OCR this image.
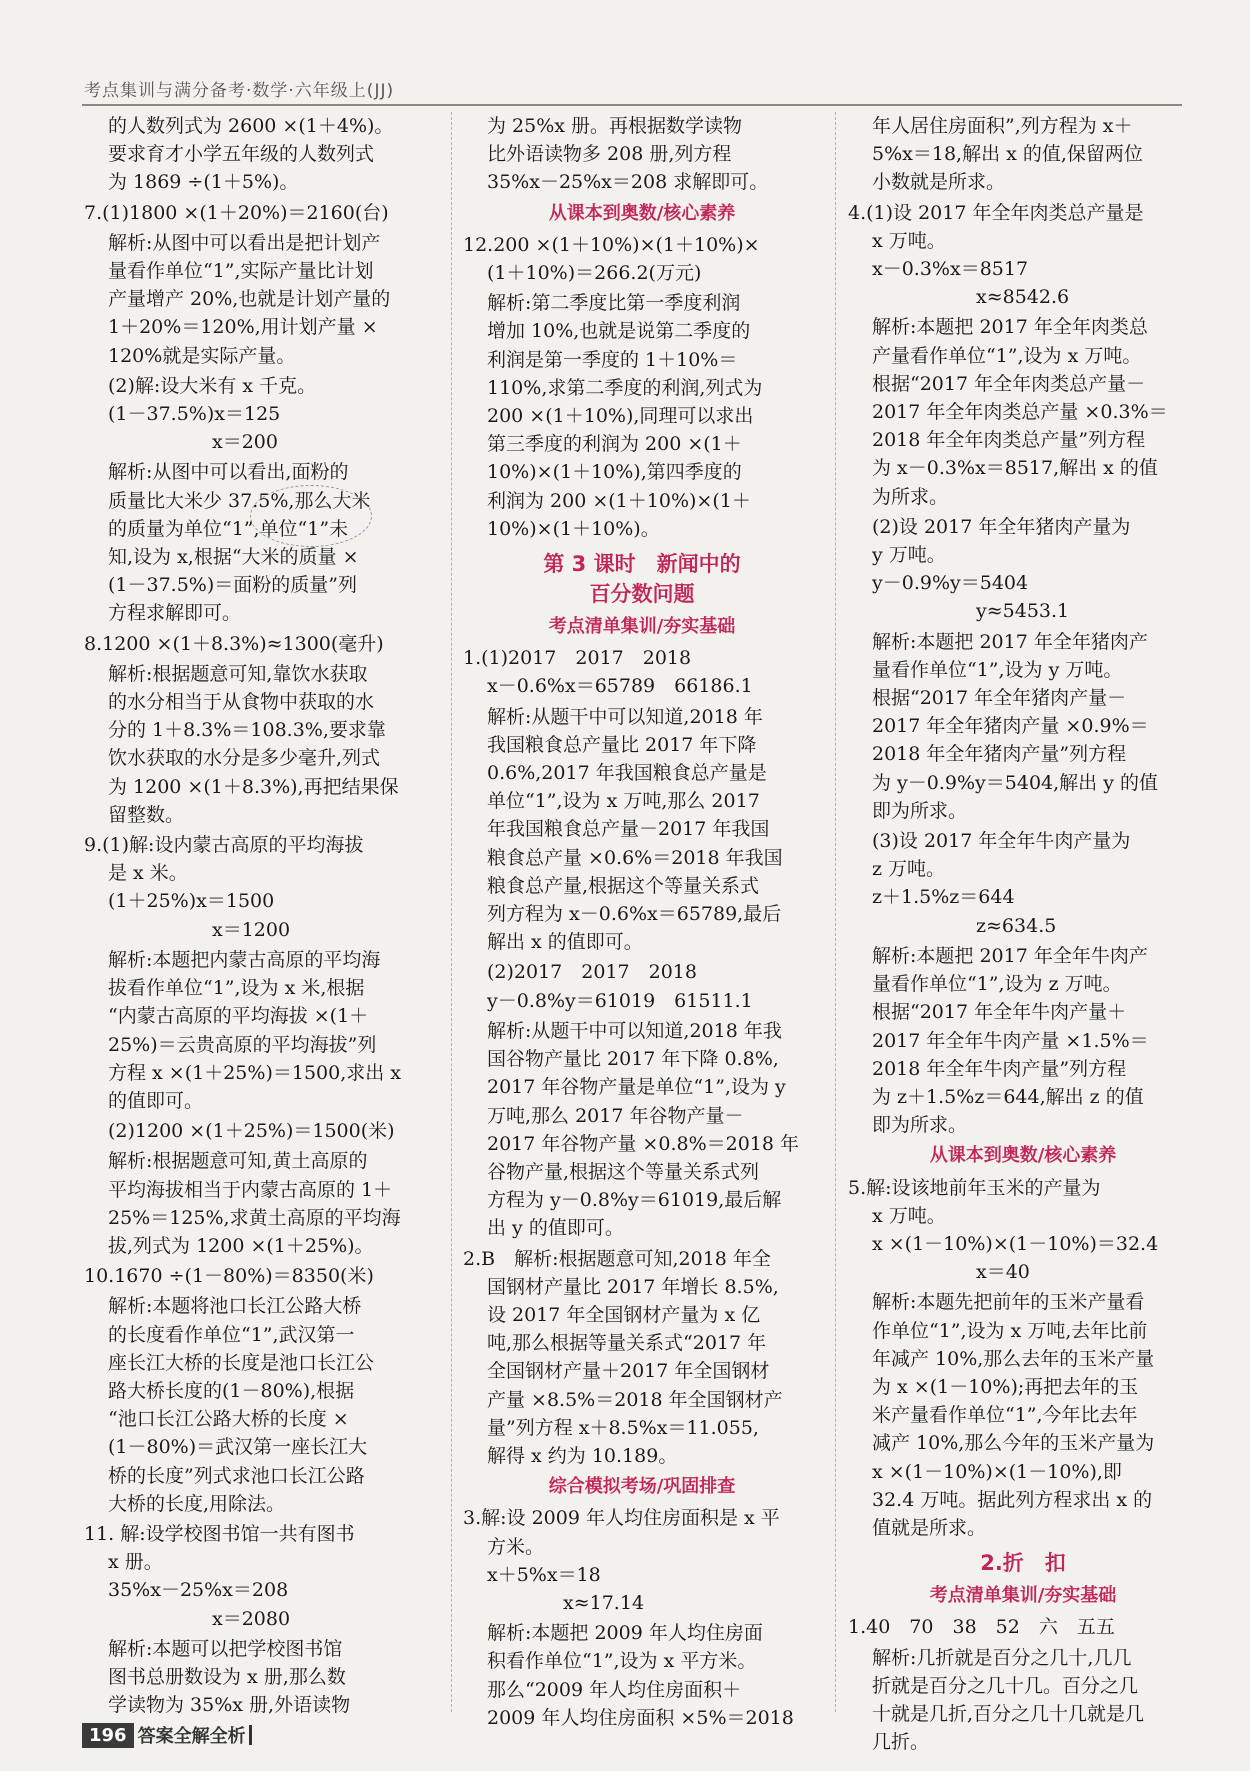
考点集训与满分备考·数学·六年级上(JJ)
的人数列式为 2600 ×(1＋4%)。
要求育才小学五年级的人数列式
为 1869 ÷(1＋5%)。
7.(1)1800 ×(1＋20%)＝2160(台)
解析:从图中可以看出是把计划产
量看作单位“1”,实际产量比计划
产量增产 20%,也就是计划产量的
1＋20%＝120%,用计划产量 ×
120%就是实际产量。
(2)解:设大米有 x 千克。
(1－37.5%)x＝125
x＝200
解析:从图中可以看出,面粉的
质量比大米少 37.5%,那么大米
的质量为单位“1”,单位“1”未
知,设为 x,根据“大米的质量 ×
(1－37.5%)＝面粉的质量”列
方程求解即可。
8.1200 ×(1＋8.3%)≈1300(毫升)
解析:根据题意可知,靠饮水获取
的水分相当于从食物中获取的水
分的 1＋8.3%＝108.3%,要求靠
饮水获取的水分是多少毫升,列式
为 1200 ×(1＋8.3%),再把结果保
留整数。
9.(1)解:设内蒙古高原的平均海拔
是 x 米。
(1＋25%)x＝1500
x＝1200
解析:本题把内蒙古高原的平均海
拔看作单位“1”,设为 x 米,根据
“内蒙古高原的平均海拔 ×(1＋
25%)＝云贵高原的平均海拔”列
方程 x ×(1＋25%)＝1500,求出 x
的值即可。
(2)1200 ×(1＋25%)＝1500(米)
解析:根据题意可知,黄土高原的
平均海拔相当于内蒙古高原的 1＋
25%＝125%,求黄土高原的平均海
拔,列式为 1200 ×(1＋25%)。
10.1670 ÷(1－80%)＝8350(米)
解析:本题将池口长江公路大桥
的长度看作单位“1”,武汉第一
座长江大桥的长度是池口长江公
路大桥长度的(1－80%),根据
“池口长江公路大桥的长度 ×
(1－80%)＝武汉第一座长江大
桥的长度”列式求池口长江公路
大桥的长度,用除法。
11. 解:设学校图书馆一共有图书
x 册。
35%x－25%x＝208
x＝2080
解析:本题可以把学校图书馆
图书总册数设为 x 册,那么数
学读物为 35%x 册,外语读物
为 25%x 册。再根据数学读物
比外语读物多 208 册,列方程
35%x－25%x＝208 求解即可。
从课本到奥数/核心素养
12.200 ×(1＋10%)×(1＋10%)×
(1＋10%)＝266.2(万元)
解析:第二季度比第一季度利润
增加 10%,也就是说第二季度的
利润是第一季度的 1＋10%＝
110%,求第二季度的利润,列式为
200 ×(1＋10%),同理可以求出
第三季度的利润为 200 ×(1＋
10%)×(1＋10%),第四季度的
利润为 200 ×(1＋10%)×(1＋
10%)×(1＋10%)。
第 3 课时　新闻中的
百分数问题
考点清单集训/夯实基础
1.(1)2017　2017　2018
x－0.6%x＝65789　66186.1
解析:从题干中可以知道,2018 年
我国粮食总产量比 2017 年下降
0.6%,2017 年我国粮食总产量是
单位“1”,设为 x 万吨,那么 2017
年我国粮食总产量－2017 年我国
粮食总产量 ×0.6%＝2018 年我国
粮食总产量,根据这个等量关系式
列方程为 x－0.6%x＝65789,最后
解出 x 的值即可。
(2)2017　2017　2018
y－0.8%y＝61019　61511.1
解析:从题干中可以知道,2018 年我
国谷物产量比 2017 年下降 0.8%,
2017 年谷物产量是单位“1”,设为 y
万吨,那么 2017 年谷物产量－
2017 年谷物产量 ×0.8%＝2018 年
谷物产量,根据这个等量关系式列
方程为 y－0.8%y＝61019,最后解
出 y 的值即可。
2.B　解析:根据题意可知,2018 年全
国钢材产量比 2017 年增长 8.5%,
设 2017 年全国钢材产量为 x 亿
吨,那么根据等量关系式“2017 年
全国钢材产量＋2017 年全国钢材
产量 ×8.5%＝2018 年全国钢材产
量”列方程 x＋8.5%x＝11.055,
解得 x 约为 10.189。
综合模拟考场/巩固排查
3.解:设 2009 年人均住房面积是 x 平
方米。
x＋5%x＝18
x≈17.14
解析:本题把 2009 年人均住房面
积看作单位“1”,设为 x 平方米。
那么“2009 年人均住房面积＋
2009 年人均住房面积 ×5%＝2018
年人居住房面积”,列方程为 x＋
5%x＝18,解出 x 的值,保留两位
小数就是所求。
4.(1)设 2017 年全年肉类总产量是
x 万吨。
x－0.3%x＝8517
x≈8542.6
解析:本题把 2017 年全年肉类总
产量看作单位“1”,设为 x 万吨。
根据“2017 年全年肉类总产量－
2017 年全年肉类总产量 ×0.3%＝
2018 年全年肉类总产量”列方程
为 x－0.3%x＝8517,解出 x 的值
为所求。
(2)设 2017 年全年猪肉产量为
y 万吨。
y－0.9%y＝5404
y≈5453.1
解析:本题把 2017 年全年猪肉产
量看作单位“1”,设为 y 万吨。
根据“2017 年全年猪肉产量－
2017 年全年猪肉产量 ×0.9%＝
2018 年全年猪肉产量”列方程
为 y－0.9%y＝5404,解出 y 的值
即为所求。
(3)设 2017 年全年牛肉产量为
z 万吨。
z＋1.5%z＝644
z≈634.5
解析:本题把 2017 年全年牛肉产
量看作单位“1”,设为 z 万吨。
根据“2017 年全年牛肉产量＋
2017 年全年牛肉产量 ×1.5%＝
2018 年全年牛肉产量”列方程
为 z＋1.5%z＝644,解出 z 的值
即为所求。
从课本到奥数/核心素养
5.解:设该地前年玉米的产量为
x 万吨。
x ×(1－10%)×(1－10%)＝32.4
x＝40
解析:本题先把前年的玉米产量看
作单位“1”,设为 x 万吨,去年比前
年减产 10%,那么去年的玉米产量
为 x ×(1－10%);再把去年的玉
米产量看作单位“1”,今年比去年
减产 10%,那么今年的玉米产量为
x ×(1－10%)×(1－10%),即
32.4 万吨。据此列方程求出 x 的
值就是所求。
2.折　扣
考点清单集训/夯实基础
1.40　70　38　52　六　五五
解析:几折就是百分之几十,几几
折就是百分之几十几。百分之几
十就是几折,百分之几十几就是几
几折。
196 答案全解全析
